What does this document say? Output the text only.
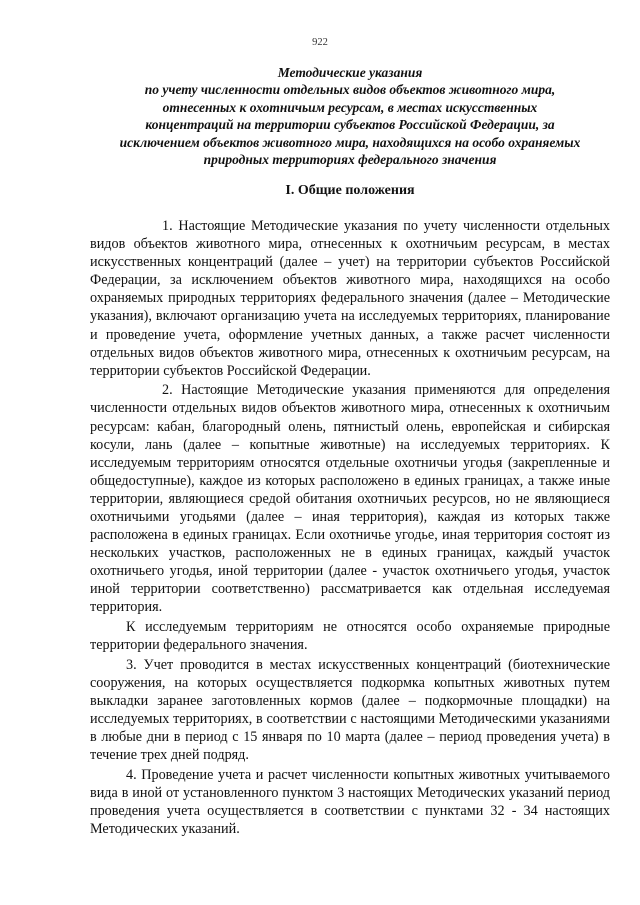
922
Методические указания
по учету численности отдельных видов объектов животного мира,
отнесенных к охотничьим ресурсам, в местах искусственных
концентраций на территории субъектов Российской Федерации, за
исключением объектов животного мира, находящихся на особо охраняемых
природных территориях федерального значения
I. Общие положения

1. Настоящие Методические указания по учету численности отдельных видов объектов животного мира, отнесенных к охотничьим ресурсам, в местах искусственных концентраций (далее – учет) на территории субъектов Российской Федерации, за исключением объектов животного мира, находящихся на особо охраняемых природных территориях федерального значения (далее – Методические указания), включают организацию учета на исследуемых территориях, планирование и проведение учета, оформление учетных данных, а также расчет численности отдельных видов объектов животного мира, отнесенных к охотничьим ресурсам, на территории субъектов Российской Федерации.

2. Настоящие Методические указания применяются для определения численности отдельных видов объектов животного мира, отнесенных к охотничьим ресурсам: кабан, благородный олень, пятнистый олень, европейская и сибирская косули, лань (далее – копытные животные) на исследуемых территориях. К исследуемым территориям относятся отдельные охотничьи угодья (закрепленные и общедоступные), каждое из которых расположено в единых границах, а также иные территории, являющиеся средой обитания охотничьих ресурсов, но не являющиеся охотничьими угодьями (далее – иная территория), каждая из которых также расположена в единых границах. Если охотничье угодье, иная территория состоят из нескольких участков, расположенных не в единых границах, каждый участок охотничьего угодья, иной территории (далее - участок охотничьего угодья, участок иной территории соответственно) рассматривается как отдельная исследуемая территория.

К исследуемым территориям не относятся особо охраняемые природные территории федерального значения.

3. Учет проводится в местах искусственных концентраций (биотехнические сооружения, на которых осуществляется подкормка копытных животных путем выкладки заранее заготовленных кормов (далее – подкормочные площадки) на исследуемых территориях, в соответствии с настоящими Методическими указаниями в любые дни в период с 15 января по 10 марта (далее – период проведения учета) в течение трех дней подряд.

4. Проведение учета и расчет численности копытных животных учитываемого вида в иной от установленного пунктом 3 настоящих Методических указаний период проведения учета осуществляется в соответствии с пунктами 32 - 34 настоящих Методических указаний.
